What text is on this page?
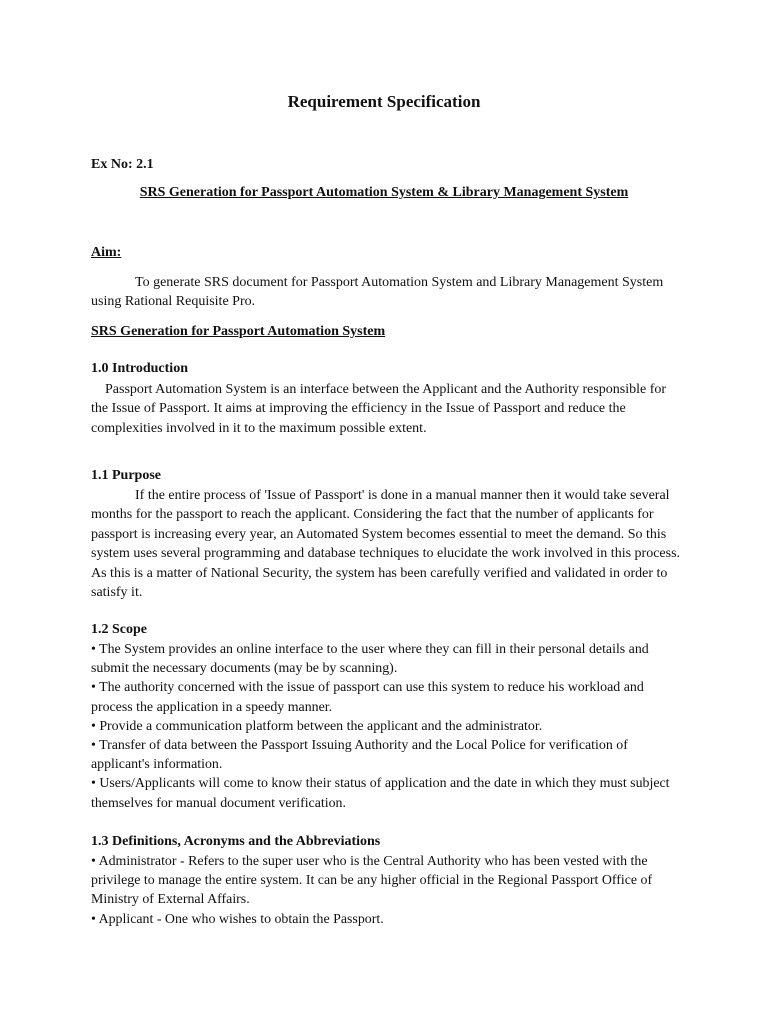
Requirement Specification
Ex No: 2.1
SRS Generation for Passport Automation System & Library Management System
Aim:
To generate SRS document for Passport Automation System and Library Management System using Rational Requisite Pro.
SRS Generation for Passport Automation System
1.0 Introduction
Passport Automation System is an interface between the Applicant and the Authority responsible for the Issue of Passport. It aims at improving the efficiency in the Issue of Passport and reduce the complexities involved in it to the maximum possible extent.
1.1 Purpose
If the entire process of 'Issue of Passport' is done in a manual manner then it would take several months for the passport to reach the applicant. Considering the fact that the number of applicants for passport is increasing every year, an Automated System becomes essential to meet the demand. So this system uses several programming and database techniques to elucidate the work involved in this process. As this is a matter of National Security, the system has been carefully verified and validated in order to satisfy it.
1.2 Scope

• The System provides an online interface to the user where they can fill in their personal details and submit the necessary documents (may be by scanning).

• The authority concerned with the issue of passport can use this system to reduce his workload and process the application in a speedy manner.

• Provide a communication platform between the applicant and the administrator.

• Transfer of data between the Passport Issuing Authority and the Local Police for verification of applicant's information.

• Users/Applicants will come to know their status of application and the date in which they must subject themselves for manual document verification.

1.3 Definitions, Acronyms and the Abbreviations

• Administrator - Refers to the super user who is the Central Authority who has been vested with the privilege to manage the entire system. It can be any higher official in the Regional Passport Office of Ministry of External Affairs.

• Applicant - One who wishes to obtain the Passport.
